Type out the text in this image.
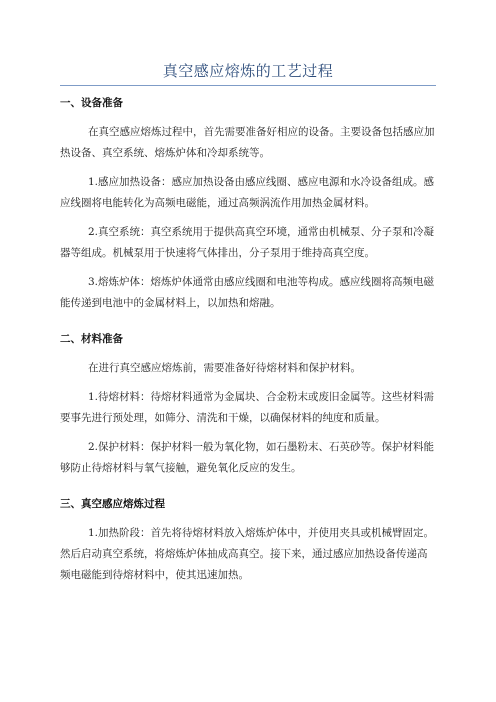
真空感应熔炼的工艺过程
一、设备准备

在真空感应熔炼过程中，首先需要准备好相应的设备。主要设备包括感应加热设备、真空系统、熔炼炉体和冷却系统等。

1.感应加热设备：感应加热设备由感应线圈、感应电源和水冷设备组成。感应线圈将电能转化为高频电磁能，通过高频涡流作用加热金属材料。

2.真空系统：真空系统用于提供高真空环境，通常由机械泵、分子泵和冷凝器等组成。机械泵用于快速将气体排出，分子泵用于维持高真空度。

3.熔炼炉体：熔炼炉体通常由感应线圈和电池等构成。感应线圈将高频电磁能传递到电池中的金属材料上，以加热和熔融。

二、材料准备

在进行真空感应熔炼前，需要准备好待熔材料和保护材料。

1.待熔材料：待熔材料通常为金属块、合金粉末或废旧金属等。这些材料需要事先进行预处理，如筛分、清洗和干燥，以确保材料的纯度和质量。

2.保护材料：保护材料一般为氧化物，如石墨粉末、石英砂等。保护材料能够防止待熔材料与氧气接触，避免氧化反应的发生。

三、真空感应熔炼过程

1.加热阶段：首先将待熔材料放入熔炼炉体中，并使用夹具或机械臂固定。然后启动真空系统，将熔炼炉体抽成高真空。接下来，通过感应加热设备传递高频电磁能到待熔材料中，使其迅速加热。
